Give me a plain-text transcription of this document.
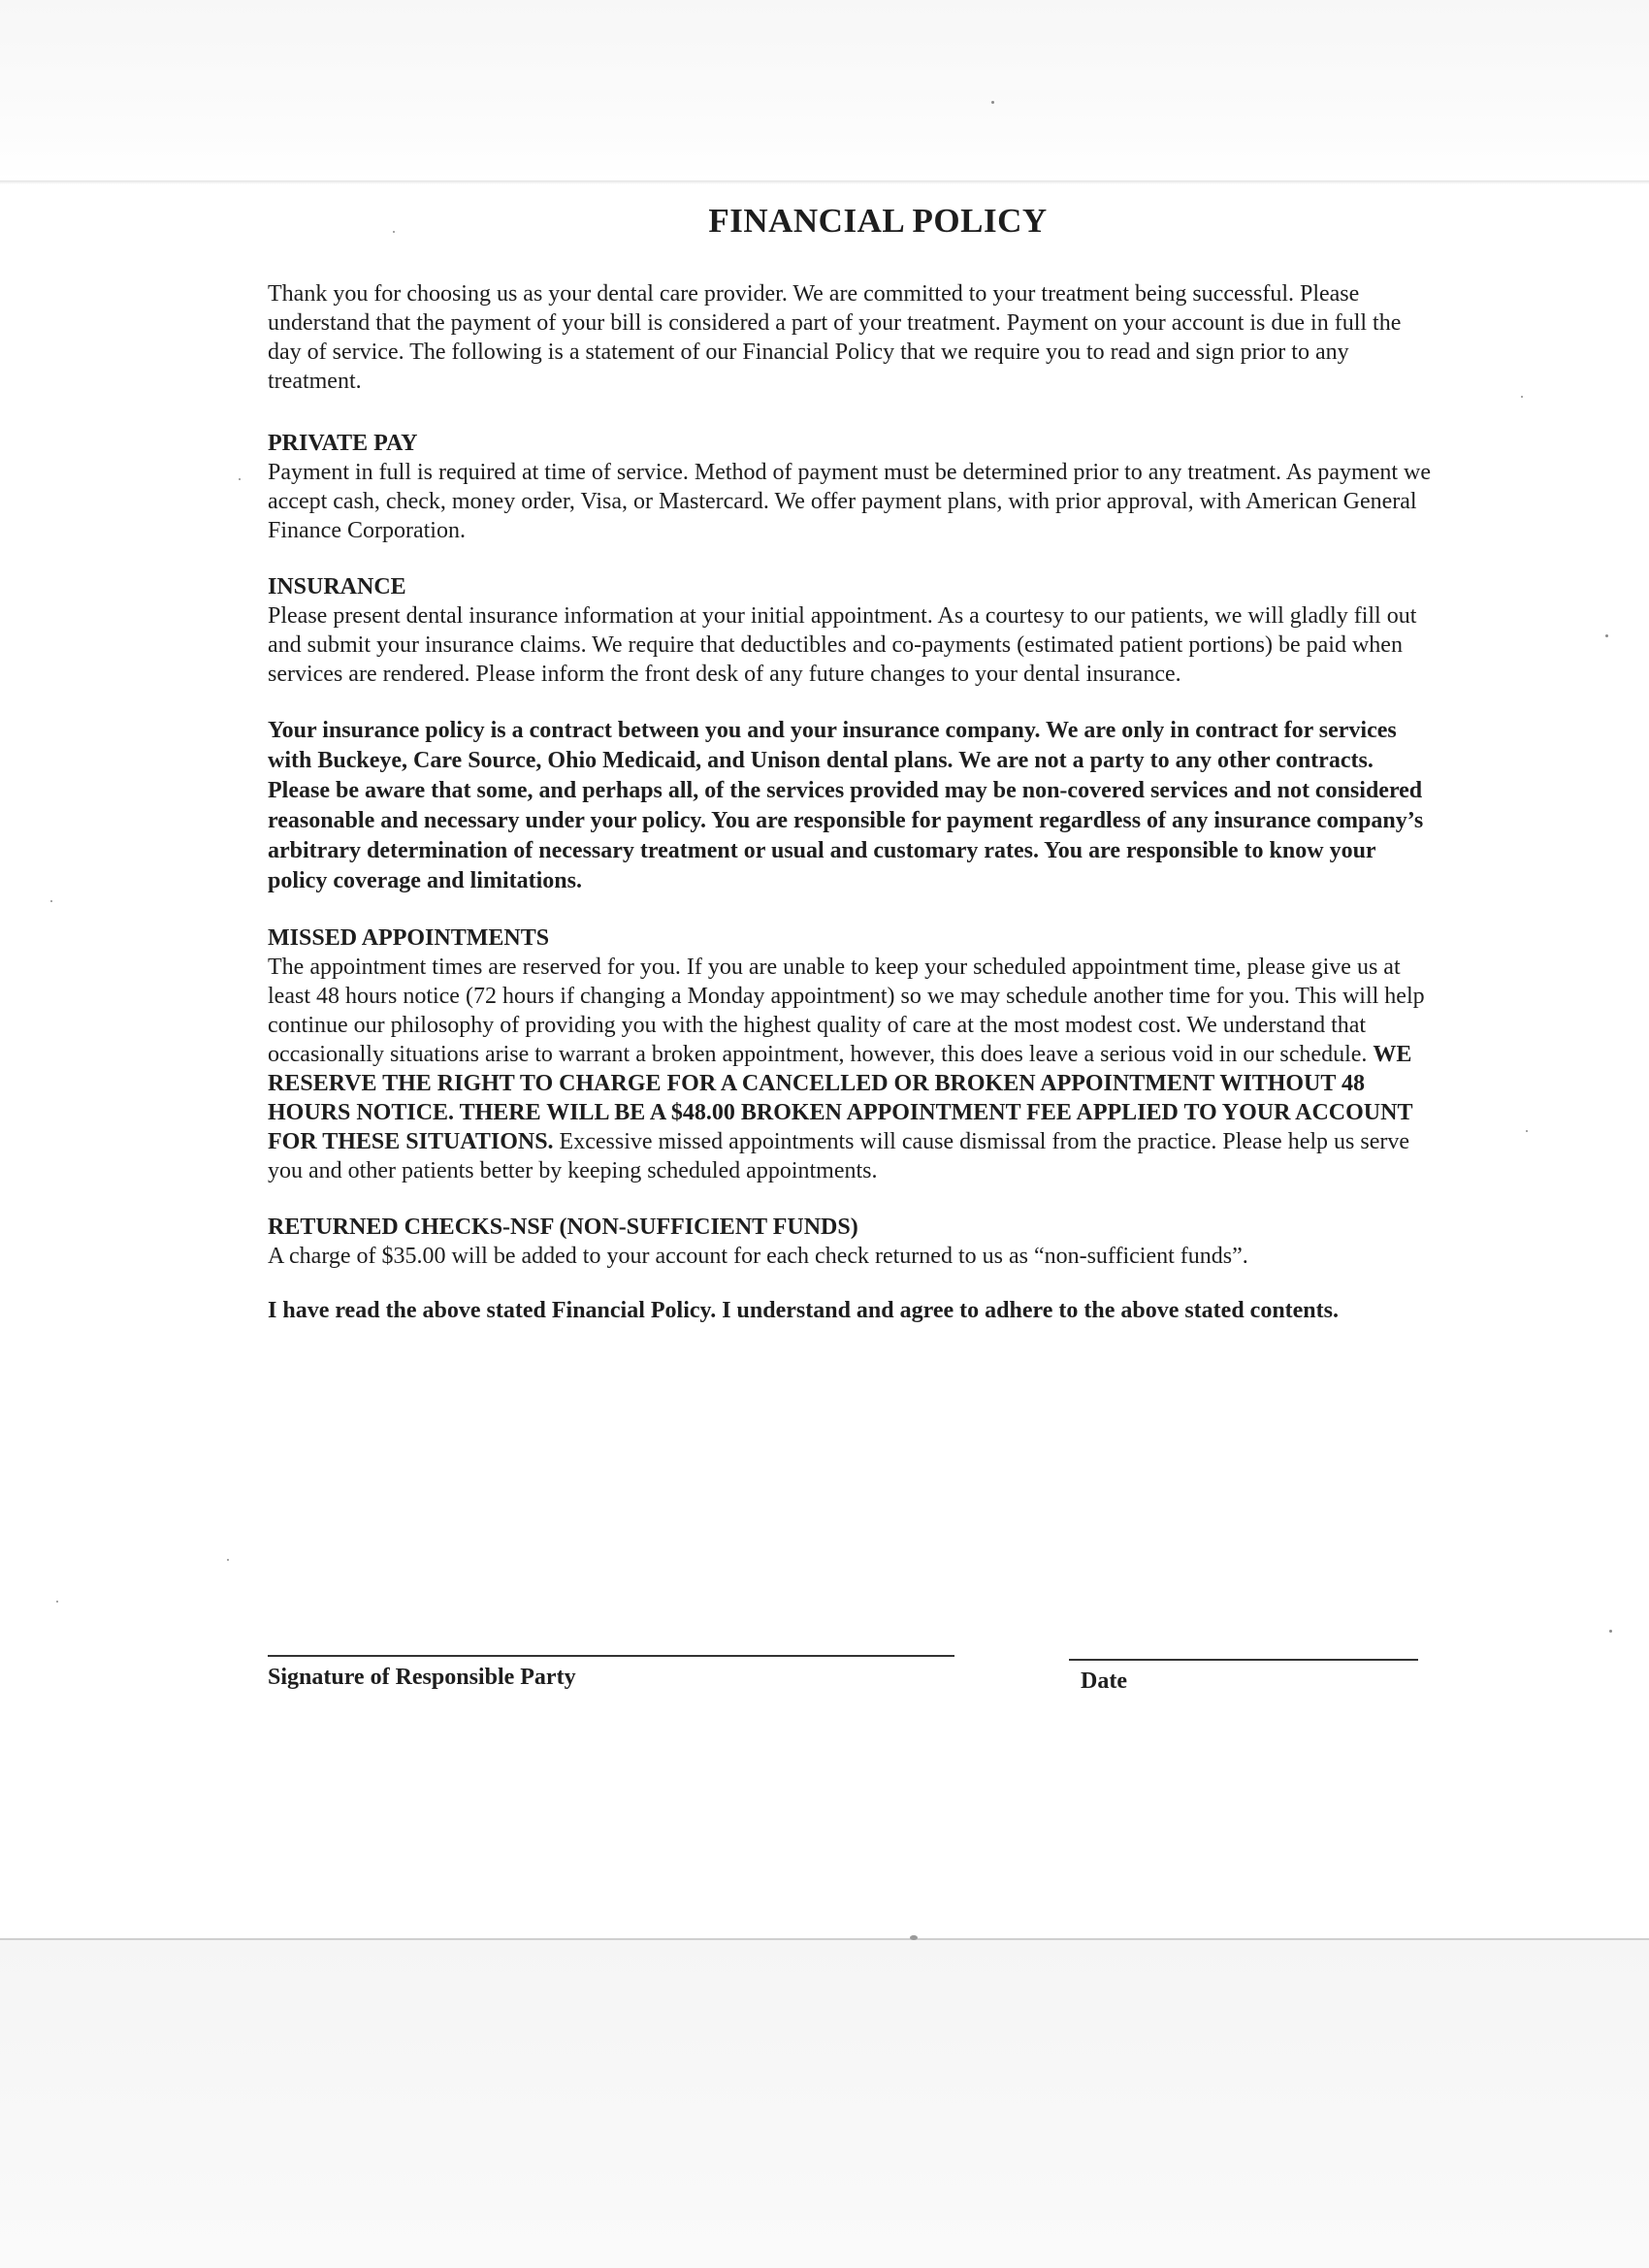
FINANCIAL POLICY

Thank you for choosing us as your dental care provider. We are committed to your treatment being successful. Please understand that the payment of your bill is considered a part of your treatment. Payment on your account is due in full the day of service. The following is a statement of our Financial Policy that we require you to read and sign prior to any treatment.

PRIVATE PAY

Payment in full is required at time of service. Method of payment must be determined prior to any treatment. As payment we accept cash, check, money order, Visa, or Mastercard. We offer payment plans, with prior approval, with American General Finance Corporation.

INSURANCE

Please present dental insurance information at your initial appointment. As a courtesy to our patients, we will gladly fill out and submit your insurance claims. We require that deductibles and co-payments (estimated patient portions) be paid when services are rendered. Please inform the front desk of any future changes to your dental insurance.

Your insurance policy is a contract between you and your insurance company. We are only in contract for services with Buckeye, Care Source, Ohio Medicaid, and Unison dental plans. We are not a party to any other contracts. Please be aware that some, and perhaps all, of the services provided may be non-covered services and not considered reasonable and necessary under your policy. You are responsible for payment regardless of any insurance company’s arbitrary determination of necessary treatment or usual and customary rates. You are responsible to know your policy coverage and limitations.

MISSED APPOINTMENTS

The appointment times are reserved for you. If you are unable to keep your scheduled appointment time, please give us at least 48 hours notice (72 hours if changing a Monday appointment) so we may schedule another time for you. This will help continue our philosophy of providing you with the highest quality of care at the most modest cost. We understand that occasionally situations arise to warrant a broken appointment, however, this does leave a serious void in our schedule. WE RESERVE THE RIGHT TO CHARGE FOR A CANCELLED OR BROKEN APPOINTMENT WITHOUT 48 HOURS NOTICE. THERE WILL BE A $48.00 BROKEN APPOINTMENT FEE APPLIED TO YOUR ACCOUNT FOR THESE SITUATIONS. Excessive missed appointments will cause dismissal from the practice. Please help us serve you and other patients better by keeping scheduled appointments.

RETURNED CHECKS-NSF (NON-SUFFICIENT FUNDS)

A charge of $35.00 will be added to your account for each check returned to us as “non-sufficient funds”.

I have read the above stated Financial Policy. I understand and agree to adhere to the above stated contents.

Signature of Responsible Party	Date
